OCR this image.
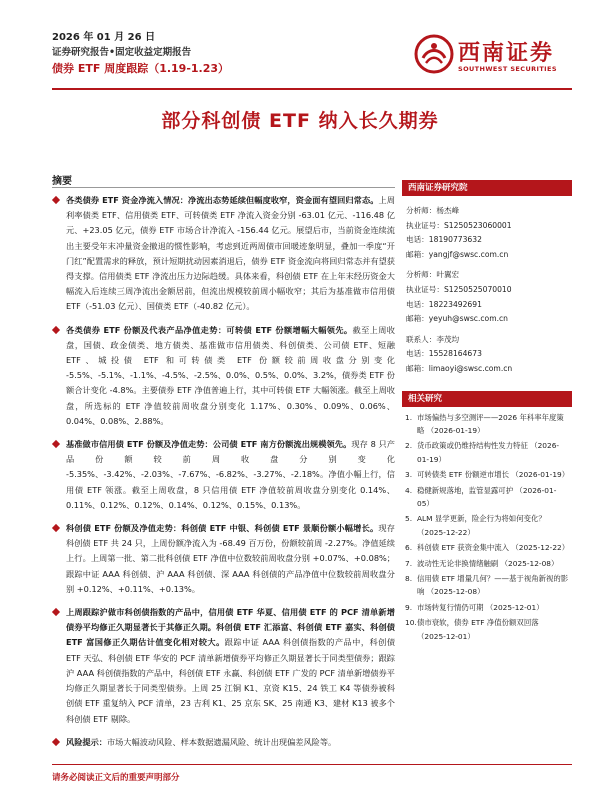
2026 年 01 月 26 日
证券研究报告•固定收益定期报告
债券 ETF 周度跟踪（1.19-1.23）
西南证券
SOUTHWEST SECURITIES
部分科创债 ETF 纳入长久期券
摘要
各类债券 ETF 资金净流入情况：净流出态势延续但幅度收窄，资金面有望回归常态。上周利率债类 ETF、信用债类 ETF、可转债类 ETF 净流入资金分别 -63.01 亿元、-116.48 亿元、+23.05 亿元，债券 ETF 市场合计净流入 -156.44 亿元。展望后市，当前资金连续流出主要受年末冲量资金撤退的惯性影响，考虑到近两周债市回暖迹象明显，叠加一季度“开门红”配置需求的释放，预计短期扰动因素消退后，债券 ETF 资金流向将回归常态并有望获得支撑。信用债类 ETF 净流出压力边际趋缓。具体来看，科创债 ETF 在上年末经历资金大幅流入后连续三周净流出金额居前，但流出规模较前周小幅收窄；其后为基准做市信用债 ETF（-51.03 亿元）、国债类 ETF（-40.82 亿元）。
各类债券 ETF 份额及代表产品净值走势：可转债 ETF 份额增幅大幅领先。截至上周收盘，国债、政金债类、地方债类、基准做市信用债类、科创债类、公司债 ETF、短融 ETF、城投债 ETF 和可转债类 ETF 份额较前周收盘分别变化 -5.5%、-5.1%、-1.1%、-4.5%、-2.5%、0.0%、0.5%、0.0%、3.2%，债券类 ETF 份额合计变化 -4.8%。主要债券 ETF 净值普遍上行，其中可转债 ETF 大幅领涨。截至上周收盘，所选标的 ETF 净值较前周收盘分别变化 1.17%、0.30%、0.09%、0.06%、0.04%、0.08%、2.88%。
基准做市信用债 ETF 份额及净值走势：公司债 ETF 南方份额流出规模领先。现存 8 只产品份额较前周收盘分别变化 -5.35%、-3.42%、-2.03%、-7.67%、-6.82%、-3.27%、-2.18%。净值小幅上行，信用债 ETF 领涨。截至上周收盘，8 只信用债 ETF 净值较前周收盘分别变化 0.14%、0.11%、0.12%、0.12%、0.14%、0.12%、0.15%、0.13%。
科创债 ETF 份额及净值走势：科创债 ETF 中银、科创债 ETF 景顺份额小幅增长。现存科创债 ETF 共 24 只，上周份额净流入为 -68.49 百万份，份额较前周 -2.27%。净值延续上行。上周第一批、第二批科创债 ETF 净值中位数较前周收盘分别 +0.07%、+0.08%；跟踪中证 AAA 科创债、沪 AAA 科创债、深 AAA 科创债的产品净值中位数较前周收盘分别 +0.12%、+0.11%、+0.13%。
上周跟踪沪做市科创债指数的产品中，信用债 ETF 华夏、信用债 ETF 的 PCF 清单新增债券平均修正久期显著长于其修正久期。科创债 ETF 汇添富、科创债 ETF 嘉实、科创债 ETF 富国修正久期估计值变化相对较大。跟踪中证 AAA 科创债指数的产品中，科创债 ETF 天弘、科创债 ETF 华安的 PCF 清单新增债券平均修正久期显著长于同类型债券；跟踪沪 AAA 科创债指数的产品中，科创债 ETF 永赢、科创债 ETF 广发的 PCF 清单新增债券平均修正久期显著长于同类型债券。上周 25 江铜 K1、京资 K15、24 铁工 K4 等债券被科创债 ETF 重复纳入 PCF 清单，23 吉利 K1、25 京东 SK、25 南通 K3、建材 K13 被多个科创债 ETF 剔除。
风险提示：市场大幅波动风险、样本数据遗漏风险、统计出现偏差风险等。
西南证券研究院
分析师：杨杰峰
执业证号：S1250523060001
电话：18190773632
邮箱：yangjf@swsc.com.cn
分析师：叶翼宏
执业证号：S1250525070010
电话：18223492691
邮箱：yeyuh@swsc.com.cn
联系人：李茂均
电话：15528164673
邮箱：limaoyi@swsc.com.cn
相关研究
1. 市场偏热与多空测评——2026 年科率年度策略 （2026-01-19）
2. 货币政策或仍维持结构性发力特征 （2026-01-19）
3. 可转债类 ETF 份额逆市增长 （2026-01-19）
4. 稳健新规落地，监管显露可护 （2026-01-05）
5. ALM 显学更新，险企行为将如何变化？ （2025-12-22）
6. 科创债 ETF 获资金集中流入 （2025-12-22）
7. 波动性无论非换情绪触刷 （2025-12-08）
8. 信用债 ETF 增量几何？——基于视角新视的影响 （2025-12-08）
9. 市场转复行情仍可期 （2025-12-01）
10. 债市衰软，债券 ETF 净值份额双回落 （2025-12-01）
请务必阅读正文后的重要声明部分
